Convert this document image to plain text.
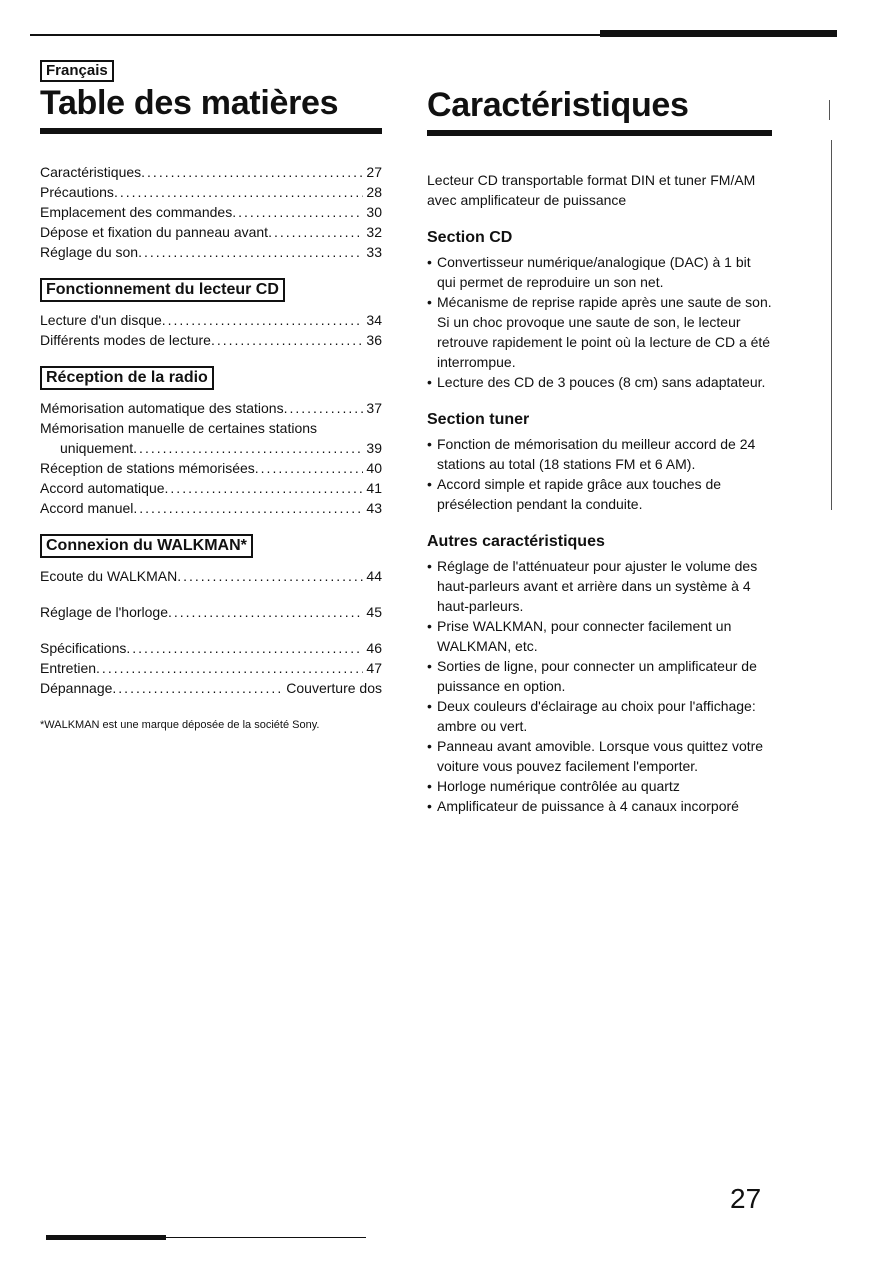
Français
Table des matières
Caractéristiques .....	27
Précautions .....	28
Emplacement des commandes .....	30
Dépose et fixation du panneau avant .....	32
Réglage du son .....	33
Fonctionnement du lecteur CD
Lecture d'un disque .....	34
Différents modes de lecture .....	36
Réception de la radio
Mémorisation automatique des stations .....	37
Mémorisation manuelle de certaines stations
uniquement .....	39
Réception de stations mémorisées .....	40
Accord automatique .....	41
Accord manuel .....	43
Connexion du WALKMAN*
Ecoute du WALKMAN .....	44
Réglage de l'horloge .....	45
Spécifications .....	46
Entretien .....	47
Dépannage .....	Couverture dos
*WALKMAN est une marque déposée de la société Sony.
Caractéristiques
Lecteur CD transportable format DIN et tuner FM/AM avec amplificateur de puissance
Section CD
• Convertisseur numérique/analogique (DAC) à 1 bit qui permet de reproduire un son net.
• Mécanisme de reprise rapide après une saute de son. Si un choc provoque une saute de son, le lecteur retrouve rapidement le point où la lecture de CD a été interrompue.
• Lecture des CD de 3 pouces (8 cm) sans adaptateur.
Section tuner
• Fonction de mémorisation du meilleur accord de 24 stations au total (18 stations FM et 6 AM).
• Accord simple et rapide grâce aux touches de présélection pendant la conduite.
Autres caractéristiques
• Réglage de l'atténuateur pour ajuster le volume des haut-parleurs avant et arrière dans un système à 4 haut-parleurs.
• Prise WALKMAN, pour connecter facilement un WALKMAN, etc.
• Sorties de ligne, pour connecter un amplificateur de puissance en option.
• Deux couleurs d'éclairage au choix pour l'affichage: ambre ou vert.
• Panneau avant amovible. Lorsque vous quittez votre voiture vous pouvez facilement l'emporter.
• Horloge numérique contrôlée au quartz
• Amplificateur de puissance à 4 canaux incorporé
27
